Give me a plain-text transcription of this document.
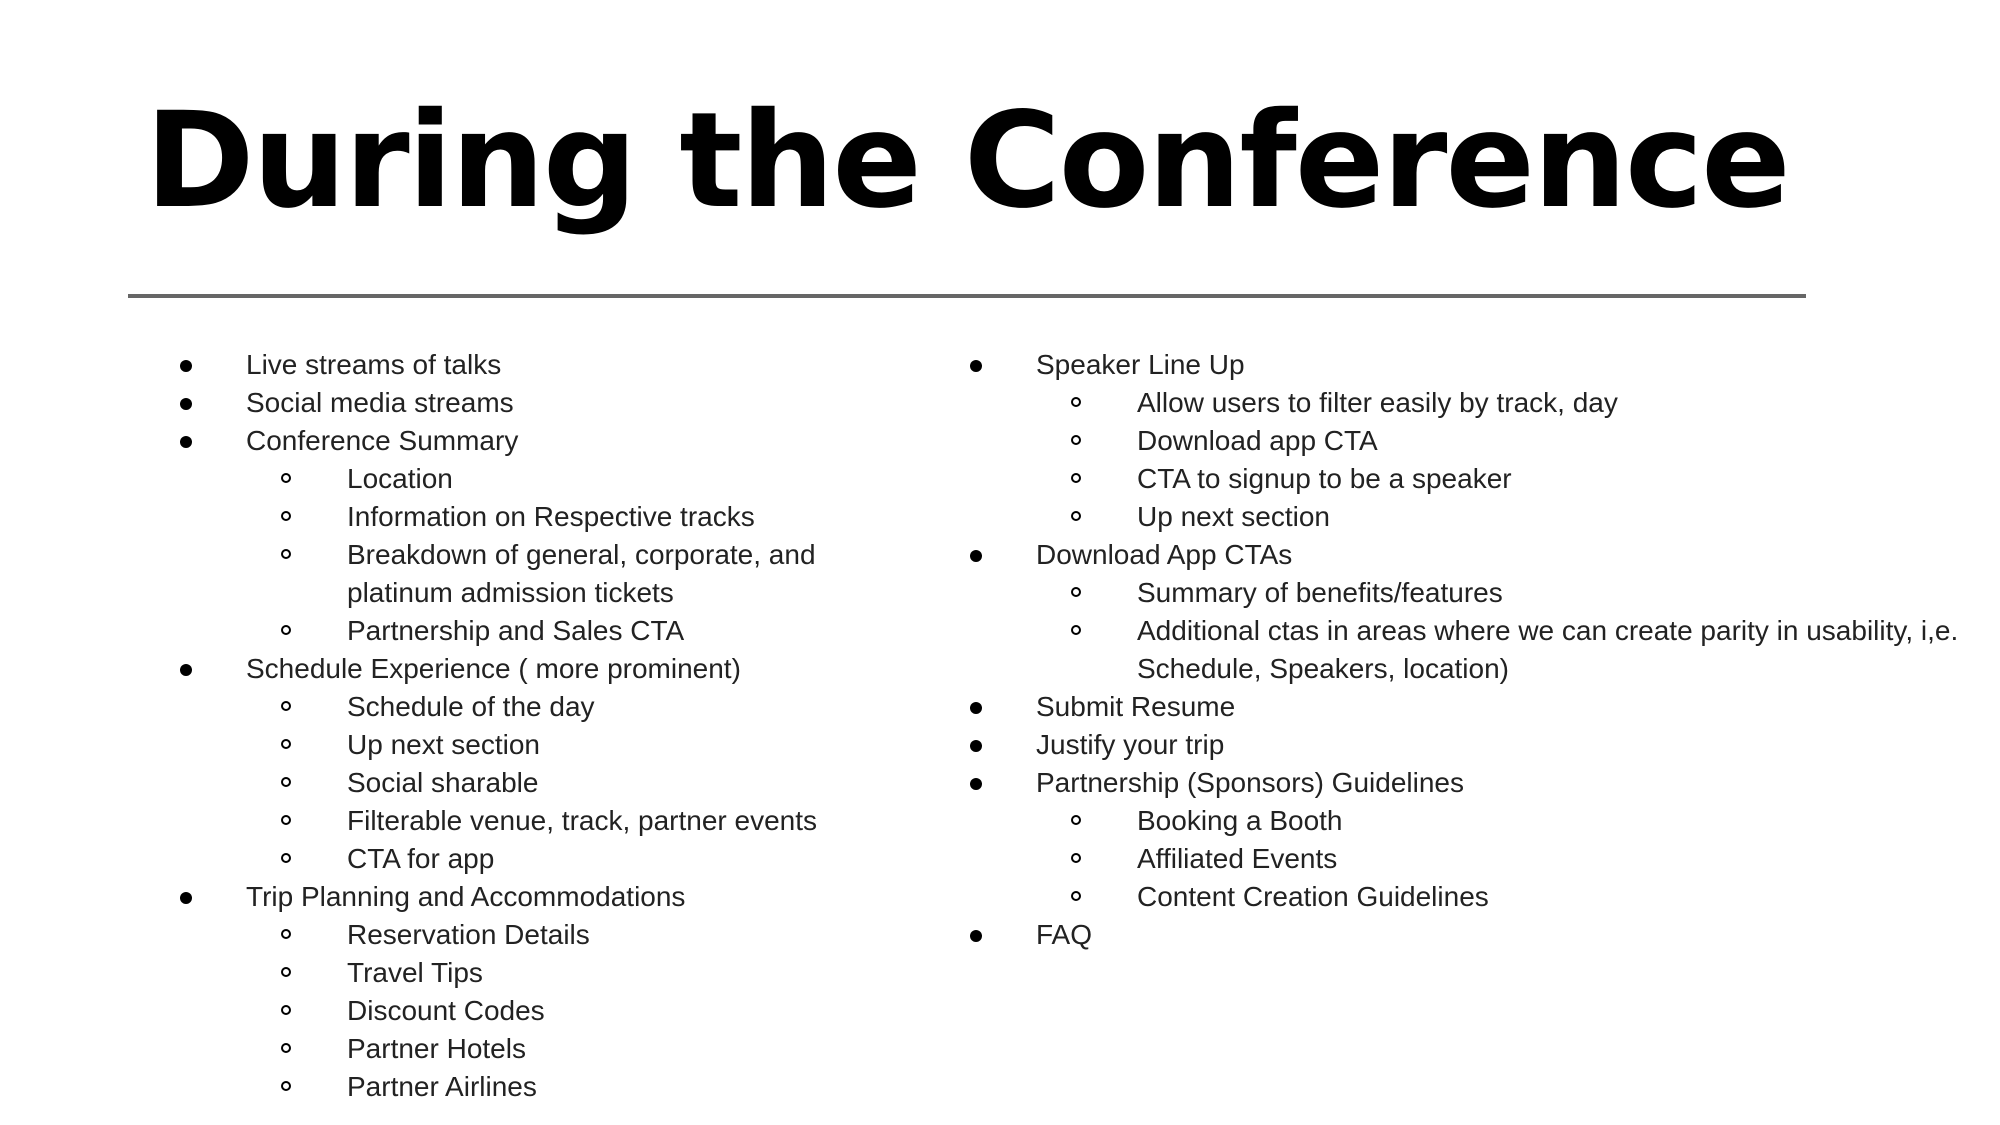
During the Conference
Live streams of talks
Social media streams
Conference Summary
Location
Information on Respective tracks
Breakdown of general, corporate, and platinum admission tickets
Partnership and Sales CTA
Schedule Experience ( more prominent)
Schedule of the day
Up next section
Social sharable
Filterable venue, track, partner events
CTA for app
Trip Planning and Accommodations
Reservation Details
Travel Tips
Discount Codes
Partner Hotels
Partner Airlines
Speaker Line Up
Allow users to filter easily by track, day
Download app CTA
CTA to signup to be a speaker
Up next section
Download App CTAs
Summary of benefits/features
Additional ctas in areas where we can create parity in usability, i,e. Schedule, Speakers, location)
Submit Resume
Justify your trip
Partnership (Sponsors) Guidelines
Booking a Booth
Affiliated Events
Content Creation Guidelines
FAQ
